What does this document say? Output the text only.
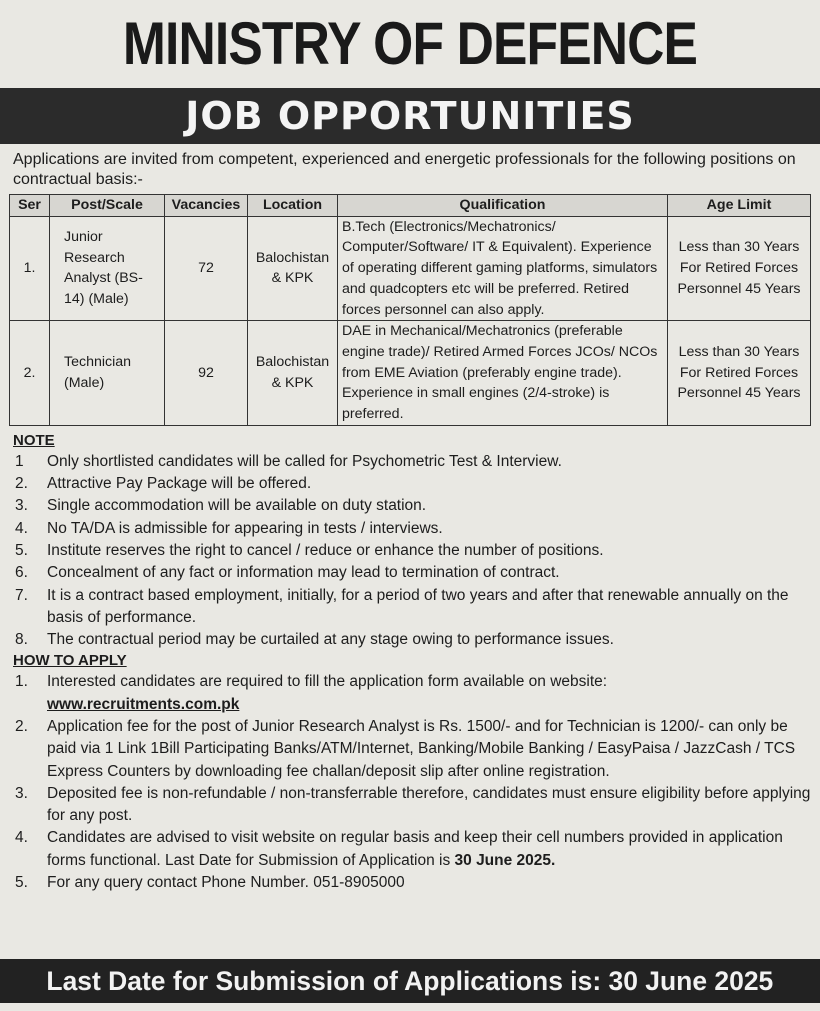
MINISTRY OF DEFENCE
JOB OPPORTUNITIES
Applications are invited from competent, experienced and energetic professionals for the following positions on contractual basis:-
Ser	Post/Scale	Vacancies	Location	Qualification	Age Limit
1.	Junior Research Analyst (BS-14) (Male)	72	Balochistan & KPK	B.Tech (Electronics/Mechatronics/ Computer/Software/ IT & Equivalent). Experience of operating different gaming platforms, simulators and quadcopters etc will be preferred. Retired forces personnel can also apply.	Less than 30 Years
For Retired Forces Personnel 45 Years

2.	Technician (Male)	92	Balochistan & KPK	DAE in Mechanical/Mechatronics (preferable engine trade)/ Retired Armed Forces JCOs/ NCOs from EME Aviation (preferably engine trade). Experience in small engines (2/4-stroke) is preferred.	Less than 30 Years
For Retired Forces Personnel 45 Years
NOTE
1 Only shortlisted candidates will be called for Psychometric Test & Interview.
2. Attractive Pay Package will be offered.
3. Single accommodation will be available on duty station.
4. No TA/DA is admissible for appearing in tests / interviews.
5. Institute reserves the right to cancel / reduce or enhance the number of positions.
6. Concealment of any fact or information may lead to termination of contract.
7. It is a contract based employment, initially, for a period of two years and after that renewable annually on the basis of performance.
8. The contractual period may be curtailed at any stage owing to performance issues.
HOW TO APPLY
1. Interested candidates are required to fill the application form available on website:
www.recruitments.com.pk
2. Application fee for the post of Junior Research Analyst is Rs. 1500/- and for Technician is 1200/- can only be paid via 1 Link 1Bill Participating Banks/ATM/Internet, Banking/Mobile Banking / EasyPaisa / JazzCash / TCS Express Counters by downloading fee challan/deposit slip after online registration.
3. Deposited fee is non-refundable / non-transferrable therefore, candidates must ensure eligibility before applying for any post.
4. Candidates are advised to visit website on regular basis and keep their cell numbers provided in application forms functional. Last Date for Submission of Application is 30 June 2025.
5. For any query contact Phone Number. 051-8905000
Last Date for Submission of Applications is: 30 June 2025
